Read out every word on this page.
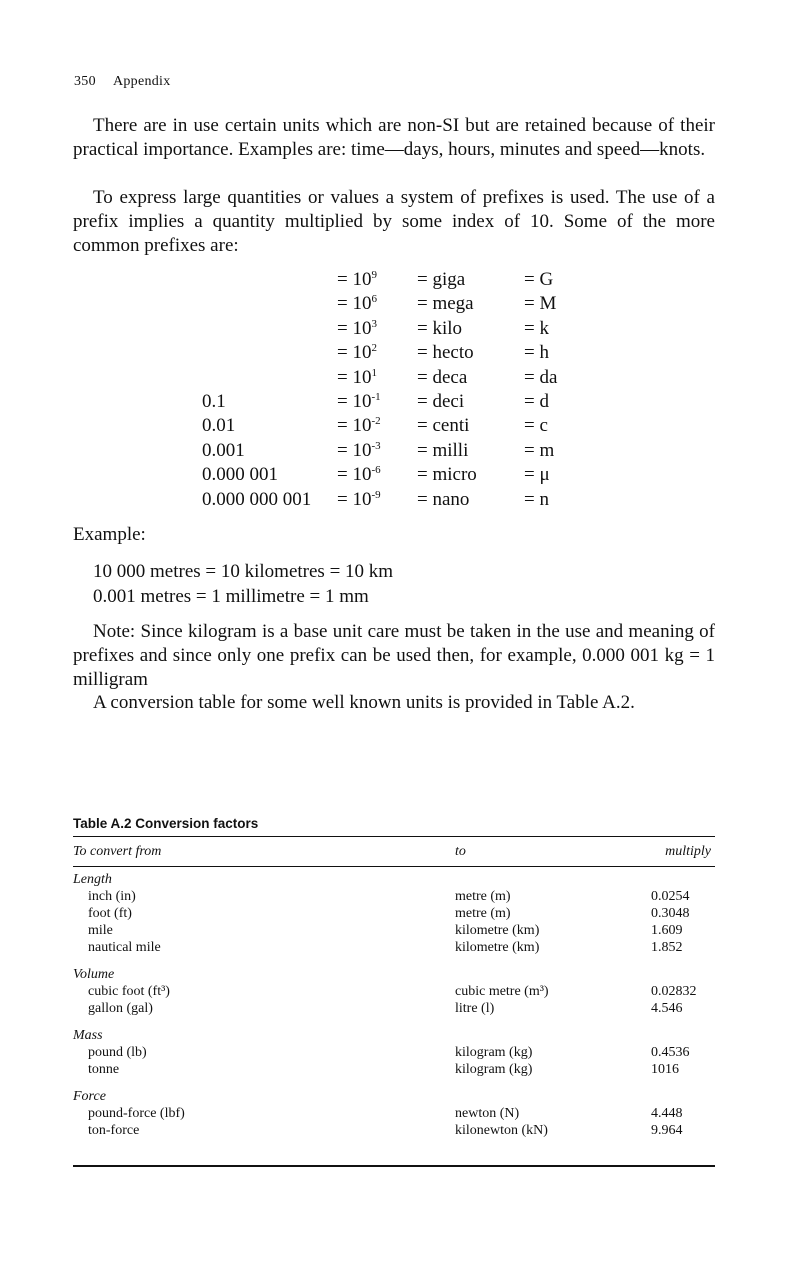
350 Appendix

There are in use certain units which are non-SI but are retained because of their practical importance. Examples are: time—days, hours, minutes and speed—knots.

To express large quantities or values a system of prefixes is used. The use of a prefix implies a quantity multiplied by some index of 10. Some of the more common prefixes are:

= $10^9$ = giga	= G
= $10^6$ = mega	= M
= $10^3$ = kilo	= k
= $10^2$ = hecto	= h
= $10^1$ = deca	= da
0.1	= $10^{-1}$ = deci	= d
0.01	= $10^{-2}$ = centi	= c
0.001	= $10^{-3}$ = milli	= m
0.000 001	= $10^{-6}$ = micro = μ
0.000 000 $001 = 10^{-9}$ = nano	= n
Example:
10 000 metres = 10 kilometres = 10 km
0.001 metres = 1 millimetre = 1 mm

Note: Since kilogram is a base unit care must be taken in the use and meaning of prefixes and since only one prefix can be used then, for example, 0.000 001 kg = 1 milligram

A conversion table for some well known units is provided in Table A.2.

Table A.2 Conversion factors
To convert from	to	multiply
Length
inch (in)	metre (m)	0.0254
foot (ft)	metre (m)	0.3048
mile	kilometre (km)	1.609
nautical mile	kilometre (km)	1.852
Volume
cubic foot (ft³)	cubic metre (m³)	0.02832
gallon (gal)	litre (l)	4.546
Mass
pound (lb)	kilogram (kg)	0.4536
tonne	kilogram (kg)	1016
Force
pound-force (lbf)	newton (N)	4.448
ton-force	kilonewton (kN)	9.964
